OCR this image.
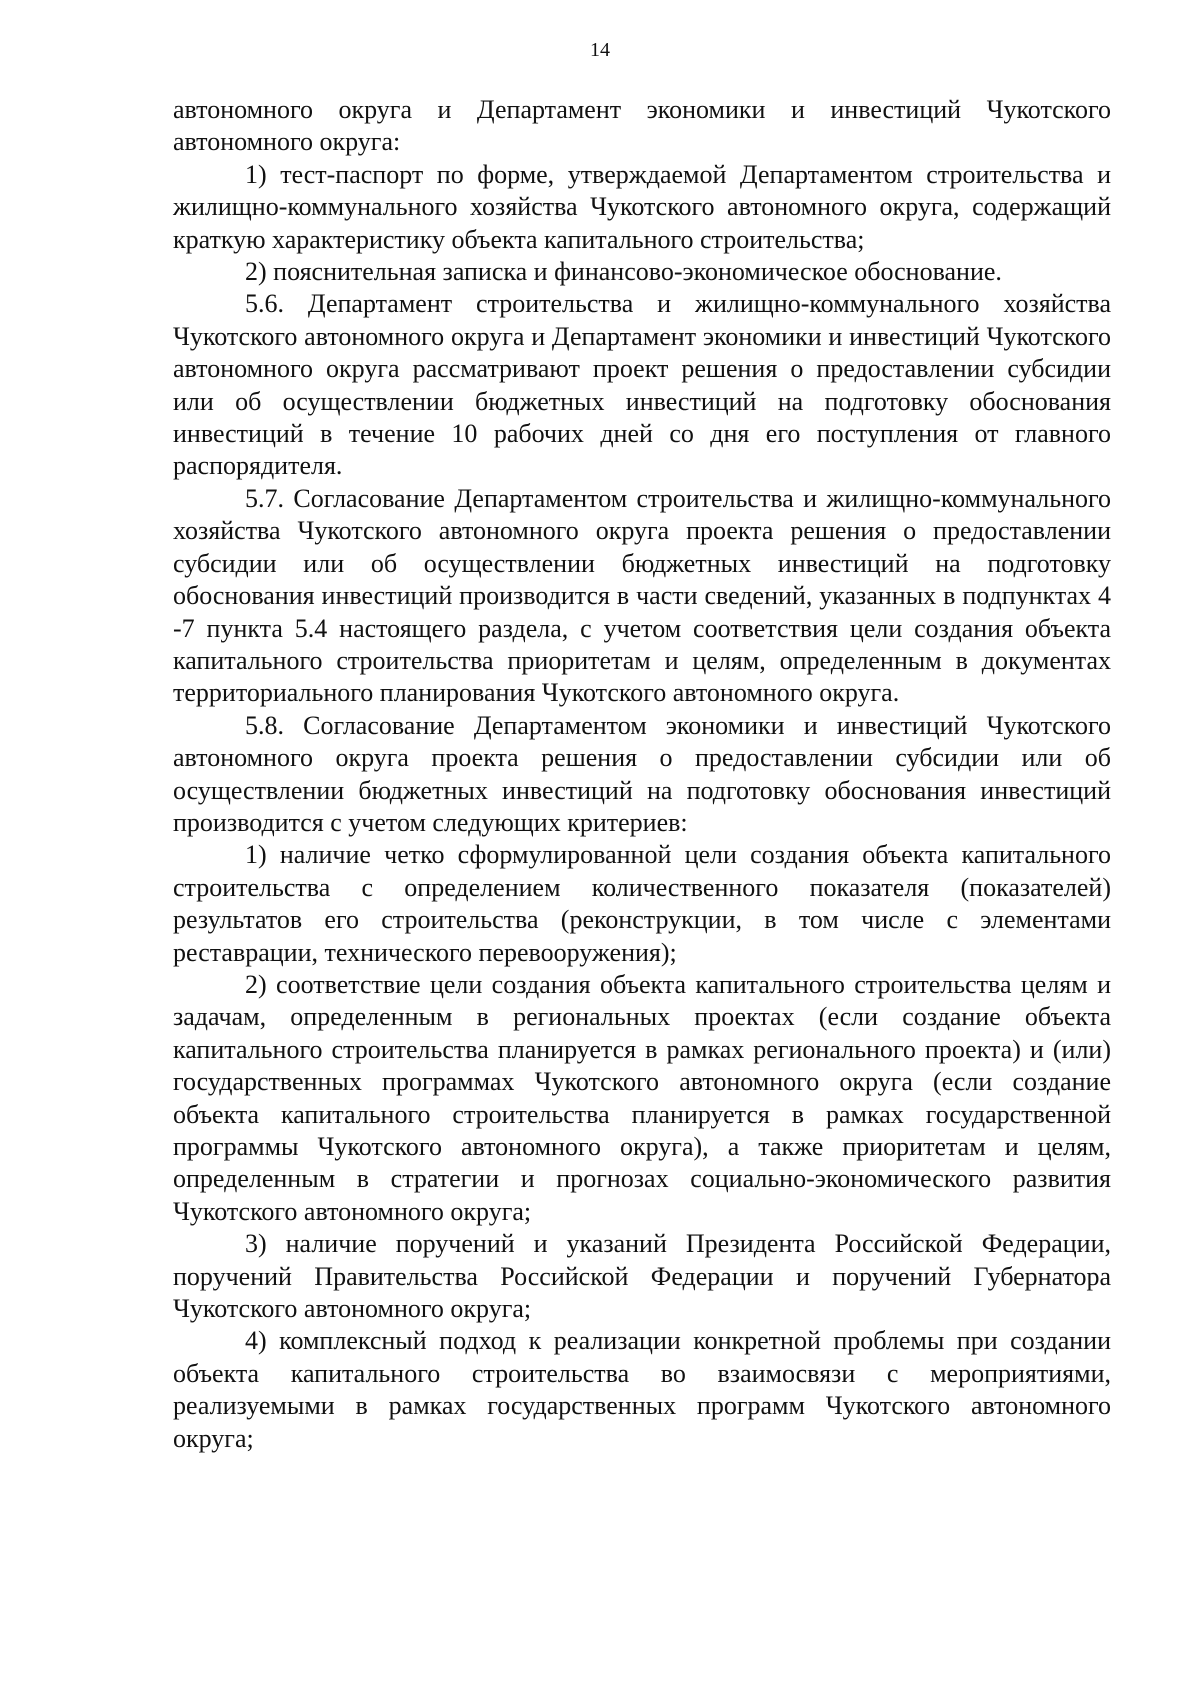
14

автономного округа и Департамент экономики и инвестиций Чукотского автономного округа:

1) тест-паспорт по форме, утверждаемой Департаментом строительства и жилищно-коммунального хозяйства Чукотского автономного округа, содержащий краткую характеристику объекта капитального строительства;

2) пояснительная записка и финансово-экономическое обоснование.

5.6. Департамент строительства и жилищно-коммунального хозяйства Чукотского автономного округа и Департамент экономики и инвестиций Чукотского автономного округа рассматривают проект решения о предоставлении субсидии или об осуществлении бюджетных инвестиций на подготовку обоснования инвестиций в течение 10 рабочих дней со дня его поступления от главного распорядителя.

5.7. Согласование Департаментом строительства и жилищно-коммунального хозяйства Чукотского автономного округа проекта решения о предоставлении субсидии или об осуществлении бюджетных инвестиций на подготовку обоснования инвестиций производится в части сведений, указанных в подпунктах 4 -7 пункта 5.4 настоящего раздела, с учетом соответствия цели создания объекта капитального строительства приоритетам и целям, определенным в документах территориального планирования Чукотского автономного округа.

5.8. Согласование Департаментом экономики и инвестиций Чукотского автономного округа проекта решения о предоставлении субсидии или об осуществлении бюджетных инвестиций на подготовку обоснования инвестиций производится с учетом следующих критериев:

1) наличие четко сформулированной цели создания объекта капитального строительства с определением количественного показателя (показателей) результатов его строительства (реконструкции, в том числе с элементами реставрации, технического перевооружения);

2) соответствие цели создания объекта капитального строительства целям и задачам, определенным в региональных проектах (если создание объекта капитального строительства планируется в рамках регионального проекта) и (или) государственных программах Чукотского автономного округа (если создание объекта капитального строительства планируется в рамках государственной программы Чукотского автономного округа), а также приоритетам и целям, определенным в стратегии и прогнозах социально-экономического развития Чукотского автономного округа;

3) наличие поручений и указаний Президента Российской Федерации, поручений Правительства Российской Федерации и поручений Губернатора Чукотского автономного округа;

4) комплексный подход к реализации конкретной проблемы при создании объекта капитального строительства во взаимосвязи с мероприятиями, реализуемыми в рамках государственных программ Чукотского автономного округа;
